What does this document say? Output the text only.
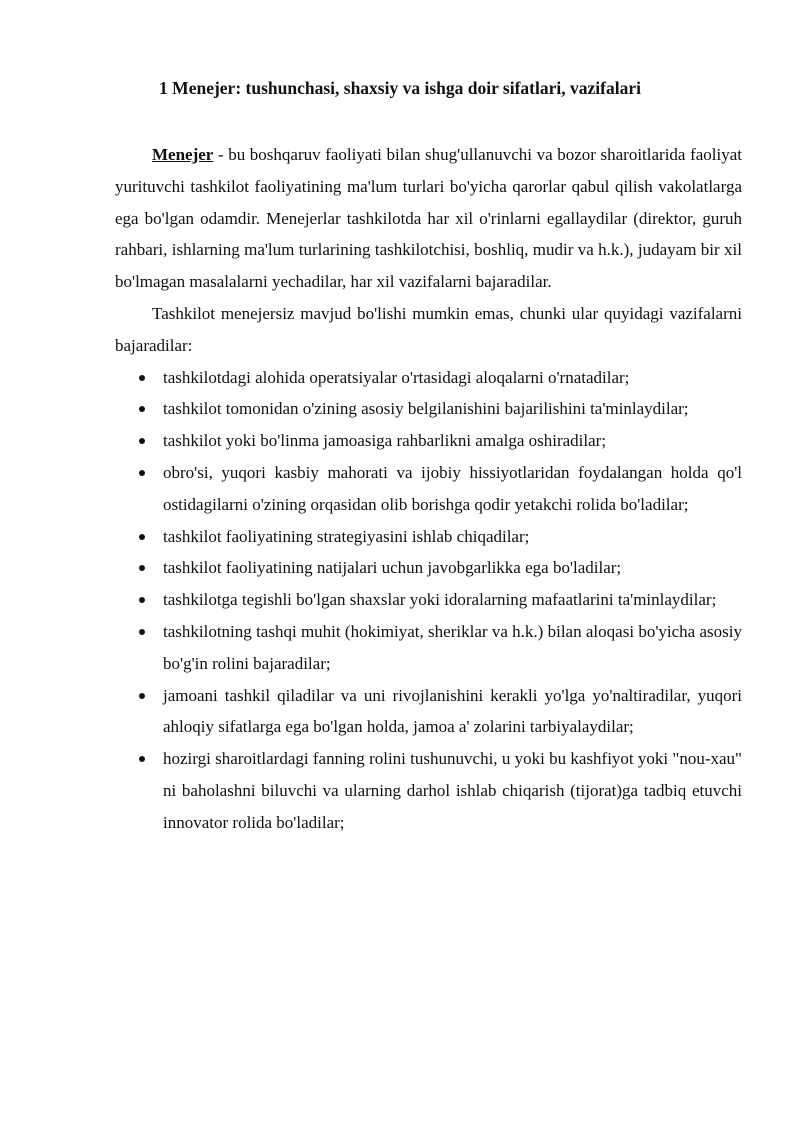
1 Menejer: tushunchasi, shaxsiy va ishga doir sifatlari, vazifalari

Menejer - bu boshqaruv faoliyati bilan shug'ullanuvchi va bozor sharoitlarida faoliyat yurituvchi tashkilot faoliyatining ma'lum turlari bo'yicha qarorlar qabul qilish vakolatlarga ega bo'lgan odamdir. Menejerlar tashkilotda har xil o'rinlarni egallaydilar (direktor, guruh rahbari, ishlarning ma'lum turlarining tashkilotchisi, boshliq, mudir va h.k.), judayam bir xil bo'lmagan masalalarni yechadilar, har xil vazifalarni bajaradilar.

Tashkilot menejersiz mavjud bo'lishi mumkin emas, chunki ular quyidagi vazifalarni bajaradilar:

tashkilotdagi alohida operatsiyalar o'rtasidagi aloqalarni o'rnatadilar;
tashkilot tomonidan o'zining asosiy belgilanishini bajarilishini ta'minlaydilar;
tashkilot yoki bo'linma jamoasiga rahbarlikni amalga oshiradilar;
obro'si, yuqori kasbiy mahorati va ijobiy hissiyotlaridan foydalangan holda qo'l ostidagilarni o'zining orqasidan olib borishga qodir yetakchi rolida bo'ladilar;
tashkilot faoliyatining strategiyasini ishlab chiqadilar;
tashkilot faoliyatining natijalari uchun javobgarlikka ega bo'ladilar;
tashkilotga tegishli bo'lgan shaxslar yoki idoralarning mafaatlarini ta'minlaydilar;
tashkilotning tashqi muhit (hokimiyat, sheriklar va h.k.) bilan aloqasi bo'yicha asosiy bo'g'in rolini bajaradilar;
jamoani tashkil qiladilar va uni rivojlanishini kerakli yo'lga yo'naltiradilar, yuqori ahloqiy sifatlarga ega bo'lgan holda, jamoa a' zolarini tarbiyalaydilar;
hozirgi sharoitlardagi fanning rolini tushunuvchi, u yoki bu kashfiyot yoki "nou-xau" ni baholashni biluvchi va ularning darhol ishlab chiqarish (tijorat)ga tadbiq etuvchi innovator rolida bo'ladilar;
